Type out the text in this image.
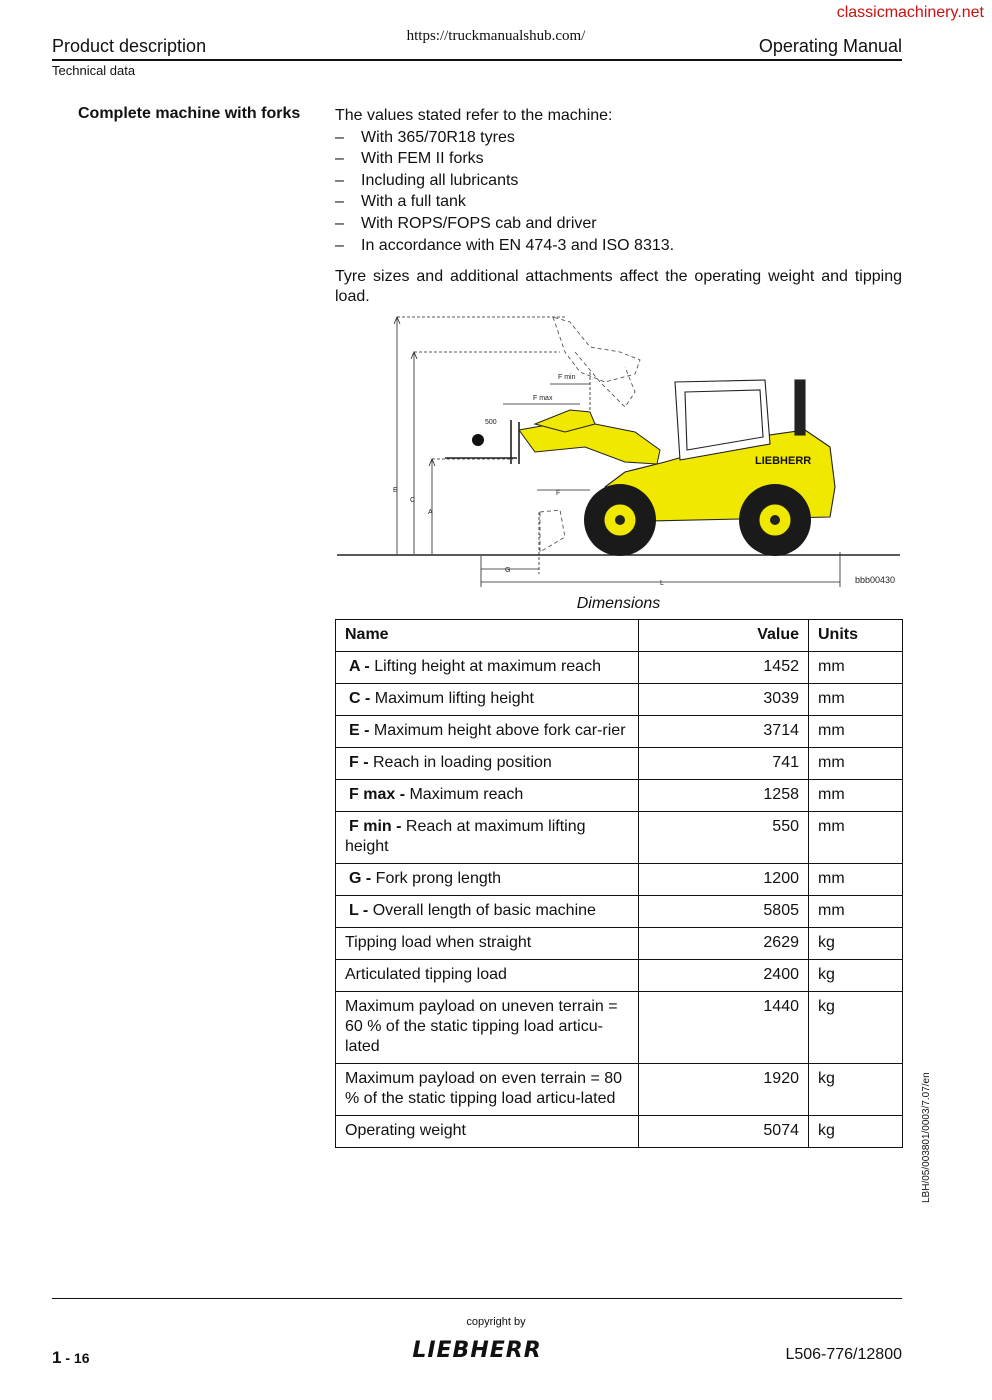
classicmachinery.net
https://truckmanualshub.com/
Product description	Operating Manual
Technical data
Complete machine with forks The values stated refer to the machine:
– With 365/70R18 tyres
– With FEM II forks
– Including all lubricants
– With a full tank
– With ROPS/FOPS cab and driver
– In accordance with EN 474-3 and ISO 8313.
Tyre sizes and additional attachments affect the operating weight and tipping load.
LIEBHERR
F min
F max
500
E
C
A
F
G
L	bbb00430
Dimensions
Name	Value	Units
A - Lifting height at maximum reach	1452	mm
C - Maximum lifting height	3039	mm
E - Maximum height above fork car-rier	3714	mm
F - Reach in loading position	741	mm
F max - Maximum reach	1258	mm
F min - Reach at maximum lifting height	550	mm
G - Fork prong length	1200	mm
L - Overall length of basic machine	5805	mm
Tipping load when straight	2629	kg
Articulated tipping load	2400	kg
Maximum payload on uneven terrain = 60 % of the static tipping load articu-lated	1440	kg
Maximum payload on even terrain = 80 % of the static tipping load articu-lated	1920	kg
Operating weight	5074	kg	LBH/05/003801/0003/7.07/en
copyright by
LIEBHERR
1 - 16	L506-776/12800
